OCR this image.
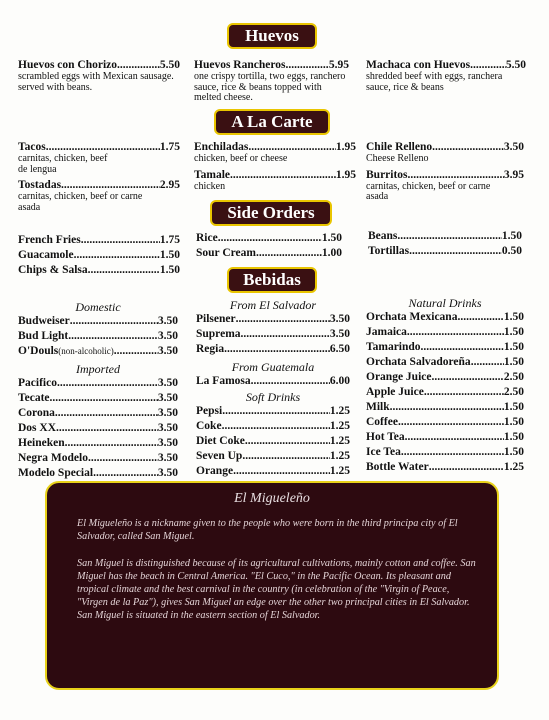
Huevos
A La Carte
Side Orders
Bebidas
Huevos con Chorizo .....	5.50
scrambled eggs with Mexican sausage. served with beans.
Huevos Rancheros .....	5.95
one crispy tortilla, two eggs, ranchero sauce, rice & beans topped with melted cheese.
Machaca con Huevos .....	5.50
shredded beef with eggs, ranchera sauce, rice & beans
Tacos .....	1.75
carnitas, chicken, beef de lengua
Tostadas .....	2.95
carnitas, chicken, beef or carne asada
Enchiladas .....	1.95
chicken, beef or cheese
Tamale .....	1.95
chicken
Chile Relleno .....	3.50
Cheese Relleno
Burritos .....	3.95
carnitas, chicken, beef or carne asada
French Fries .....	1.75
Guacamole .....	1.50
Chips & Salsa .....	1.50
Rice .....	1.50
Sour Cream .....	1.00
Beans .....	1.50
Tortillas .....	0.50
Domestic
Budweiser .....	3.50
Bud Light .....	3.50
O'Douls(non-alcoholic) .....	3.50
Imported
Pacifico .....	3.50
Tecate .....	3.50
Corona .....	3.50
Dos XX .....	3.50
Heineken .....	3.50
Negra Modelo .....	3.50
Modelo Special .....	3.50
From El Salvador
Pilsener .....	3.50
Suprema .....	3.50
Regia .....	6.50
From Guatemala
La Famosa .....	6.00
Soft Drinks
Pepsi .....	1.25
Coke .....	1.25
Diet Coke .....	1.25
Seven Up .....	1.25
Orange .....	1.25
Natural Drinks
Orchata Mexicana .....	1.50
Jamaica .....	1.50
Tamarindo .....	1.50
Orchata Salvadoreña .....	1.50
Orange Juice .....	2.50
Apple Juice .....	2.50
Milk .....	1.50
Coffee .....	1.50
Hot Tea .....	1.50
Ice Tea .....	1.50
Bottle Water .....	1.25
El Migueleño

El Migueleño is a nickname given to the people who were born in the third principa city of El Salvador, called San Miguel.

San Miguel is distinguished because of its agricultural cultivations, mainly cotton and coffee. San Miguel has the beach in Central America. "El Cuco," in the Pacific Ocean. Its pleasant and tropical climate and the best carnival in the country (in celebration of the "Virgin of Peace, "Virgen de la Paz"), gives San Miguel an edge over the other two principal cities in El Salvador. San Miguel is situated in the eastern section of El Salvador.
